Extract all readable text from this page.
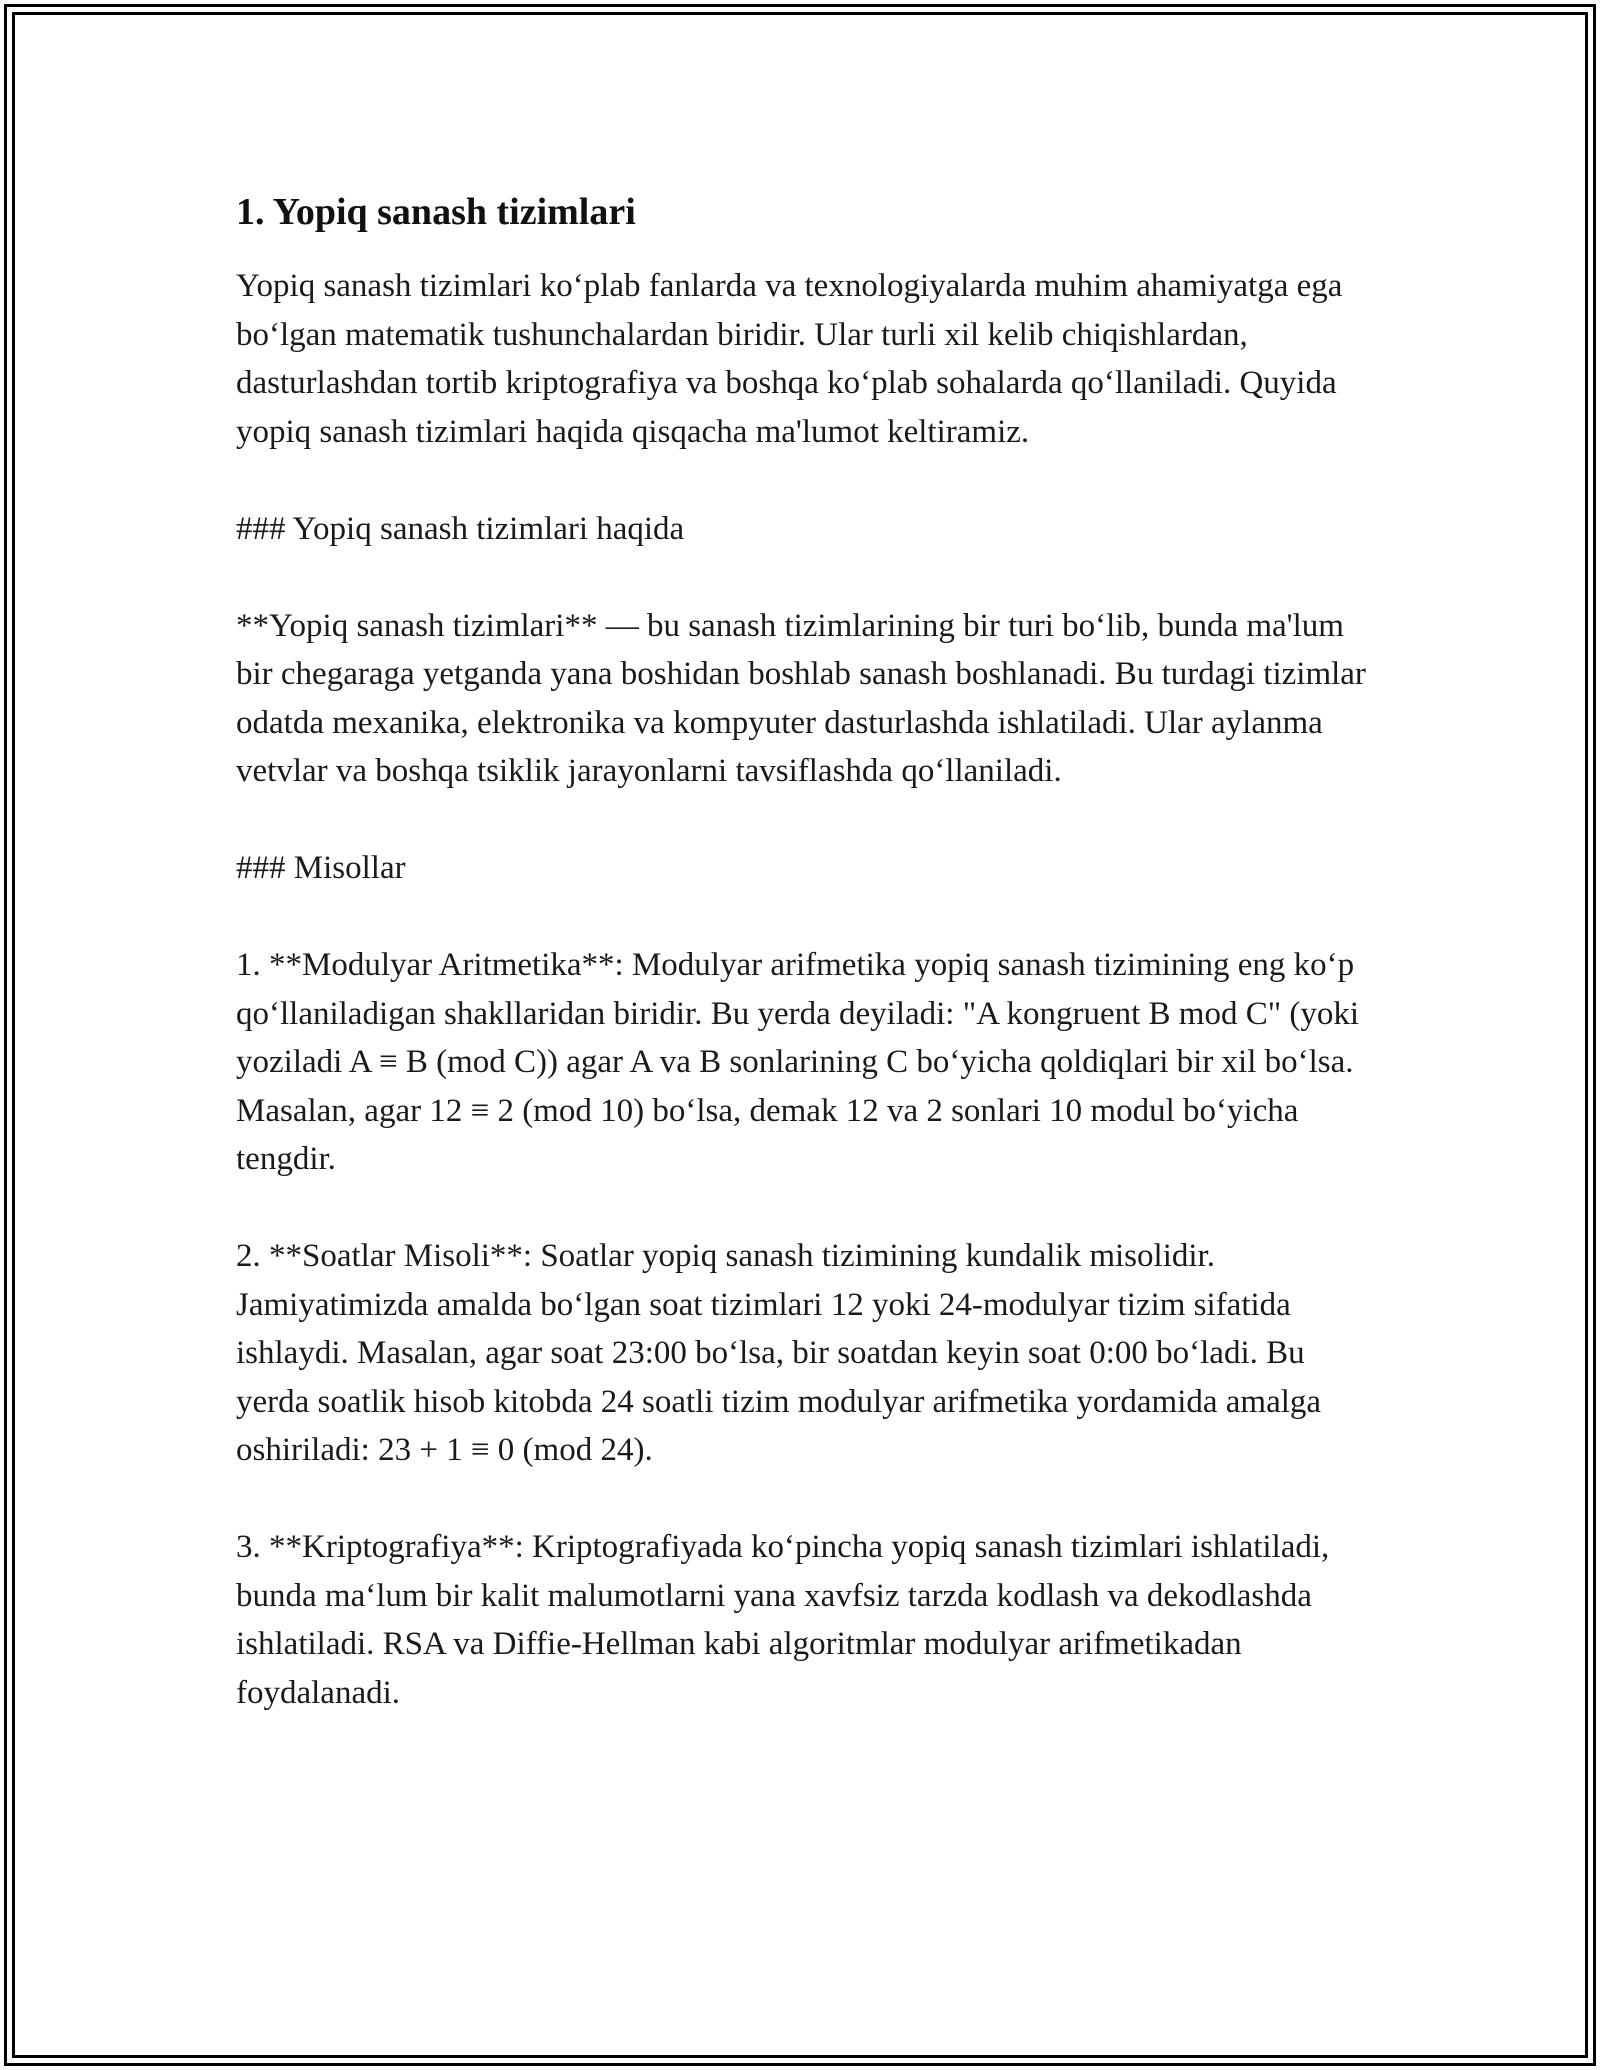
1. Yopiq sanash tizimlari

Yopiq sanash tizimlari ko‘plab fanlarda va texnologiyalarda muhim ahamiyatga ega bo‘lgan matematik tushunchalardan biridir. Ular turli xil kelib chiqishlardan, dasturlashdan tortib kriptografiya va boshqa ko‘plab sohalarda qo‘llaniladi. Quyida yopiq sanash tizimlari haqida qisqacha ma'lumot keltiramiz.

### Yopiq sanash tizimlari haqida

**Yopiq sanash tizimlari** — bu sanash tizimlarining bir turi bo‘lib, bunda ma'lum bir chegaraga yetganda yana boshidan boshlab sanash boshlanadi. Bu turdagi tizimlar odatda mexanika, elektronika va kompyuter dasturlashda ishlatiladi. Ular aylanma vetvlar va boshqa tsiklik jarayonlarni tavsiflashda qo‘llaniladi.

### Misollar

1. **Modulyar Aritmetika**: Modulyar arifmetika yopiq sanash tizimining eng ko‘p qo‘llaniladigan shakllaridan biridir. Bu yerda deyiladi: "A kongruent B mod C" (yoki yoziladi A ≡ B (mod C)) agar A va B sonlarining C bo‘yicha qoldiqlari bir xil bo‘lsa. Masalan, agar 12 ≡ 2 (mod 10) bo‘lsa, demak 12 va 2 sonlari 10 modul bo‘yicha tengdir.

2. **Soatlar Misoli**: Soatlar yopiq sanash tizimining kundalik misolidir. Jamiyatimizda amalda bo‘lgan soat tizimlari 12 yoki 24-modulyar tizim sifatida ishlaydi. Masalan, agar soat 23:00 bo‘lsa, bir soatdan keyin soat 0:00 bo‘ladi. Bu yerda soatlik hisob kitobda 24 soatli tizim modulyar arifmetika yordamida amalga oshiriladi: 23 + 1 ≡ 0 (mod 24).

3. **Kriptografiya**: Kriptografiyada ko‘pincha yopiq sanash tizimlari ishlatiladi, bunda ma‘lum bir kalit malumotlarni yana xavfsiz tarzda kodlash va dekodlashda ishlatiladi. RSA va Diffie-Hellman kabi algoritmlar modulyar arifmetikadan foydalanadi.
